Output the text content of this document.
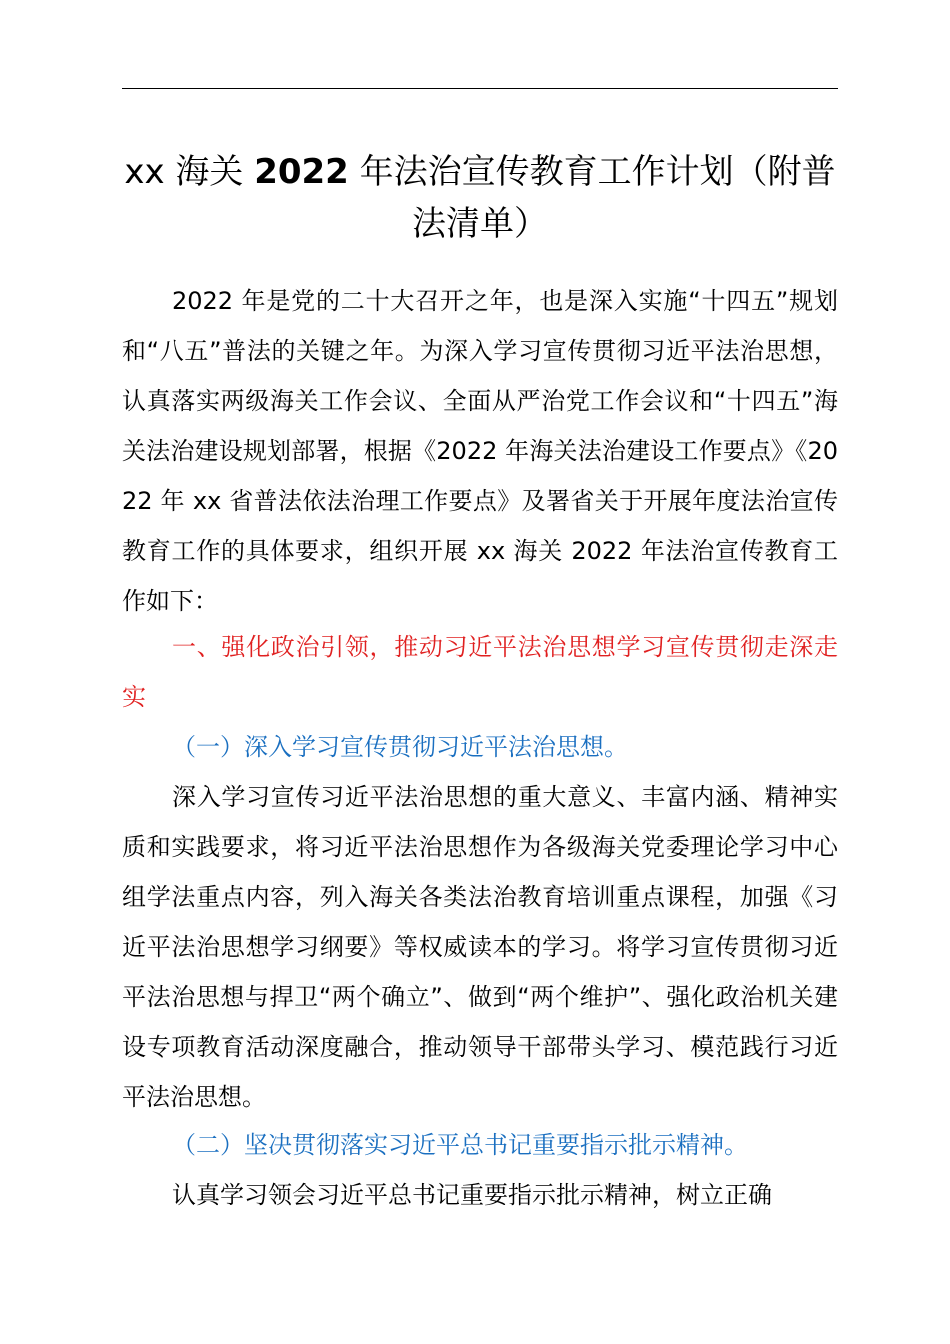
xx 海关 2022 年法治宣传教育工作计划（附普法清单）

2022 年是党的二十大召开之年，也是深入实施“十四五”规划和“八五”普法的关键之年。为深入学习宣传贯彻习近平法治思想，认真落实两级海关工作会议、全面从严治党工作会议和“十四五”海关法治建设规划部署，根据《2022 年海关法治建设工作要点》《2022 年 xx 省普法依法治理工作要点》及署省关于开展年度法治宣传教育工作的具体要求，组织开展 xx 海关 2022 年法治宣传教育工作如下：

一、强化政治引领，推动习近平法治思想学习宣传贯彻走深走实

（一）深入学习宣传贯彻习近平法治思想。

深入学习宣传习近平法治思想的重大意义、丰富内涵、精神实质和实践要求，将习近平法治思想作为各级海关党委理论学习中心组学法重点内容，列入海关各类法治教育培训重点课程，加强《习近平法治思想学习纲要》等权威读本的学习。将学习宣传贯彻习近平法治思想与捍卫“两个确立”、做到“两个维护”、强化政治机关建设专项教育活动深度融合，推动领导干部带头学习、模范践行习近平法治思想。

（二）坚决贯彻落实习近平总书记重要指示批示精神。

认真学习领会习近平总书记重要指示批示精神，树立正确
